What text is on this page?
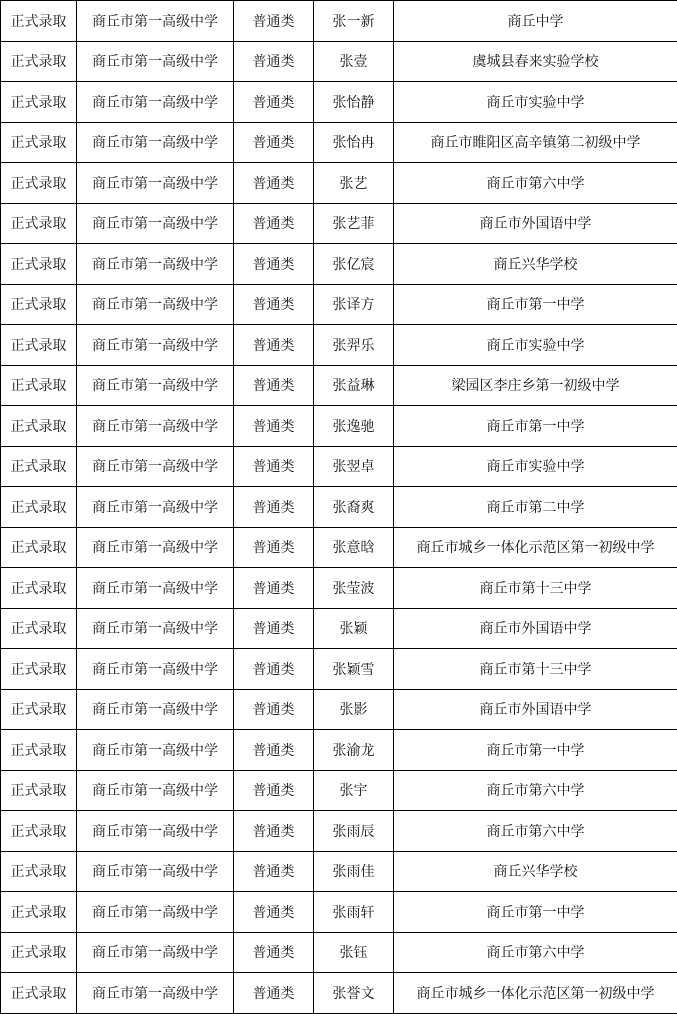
正式录取	商丘市第一高级中学	普通类	张一新	商丘中学
正式录取	商丘市第一高级中学	普通类	张壹	虞城县春来实验学校
正式录取	商丘市第一高级中学	普通类	张怡静	商丘市实验中学
正式录取	商丘市第一高级中学	普通类	张怡冉	商丘市睢阳区高辛镇第二初级中学
正式录取	商丘市第一高级中学	普通类	张艺	商丘市第六中学
正式录取	商丘市第一高级中学	普通类	张艺菲	商丘市外国语中学
正式录取	商丘市第一高级中学	普通类	张亿宸	商丘兴华学校
正式录取	商丘市第一高级中学	普通类	张译方	商丘市第一中学
正式录取	商丘市第一高级中学	普通类	张羿乐	商丘市实验中学
正式录取	商丘市第一高级中学	普通类	张益琳	梁园区李庄乡第一初级中学
正式录取	商丘市第一高级中学	普通类	张逸驰	商丘市第一中学
正式录取	商丘市第一高级中学	普通类	张翌卓	商丘市实验中学
正式录取	商丘市第一高级中学	普通类	张裔爽	商丘市第二中学
正式录取	商丘市第一高级中学	普通类	张意晗	商丘市城乡一体化示范区第一初级中学
正式录取	商丘市第一高级中学	普通类	张莹波	商丘市第十三中学
正式录取	商丘市第一高级中学	普通类	张颖	商丘市外国语中学
正式录取	商丘市第一高级中学	普通类	张颖雪	商丘市第十三中学
正式录取	商丘市第一高级中学	普通类	张影	商丘市外国语中学
正式录取	商丘市第一高级中学	普通类	张渝龙	商丘市第一中学
正式录取	商丘市第一高级中学	普通类	张宇	商丘市第六中学
正式录取	商丘市第一高级中学	普通类	张雨辰	商丘市第六中学
正式录取	商丘市第一高级中学	普通类	张雨佳	商丘兴华学校
正式录取	商丘市第一高级中学	普通类	张雨轩	商丘市第一中学
正式录取	商丘市第一高级中学	普通类	张钰	商丘市第六中学
正式录取	商丘市第一高级中学	普通类	张誉文	商丘市城乡一体化示范区第一初级中学
